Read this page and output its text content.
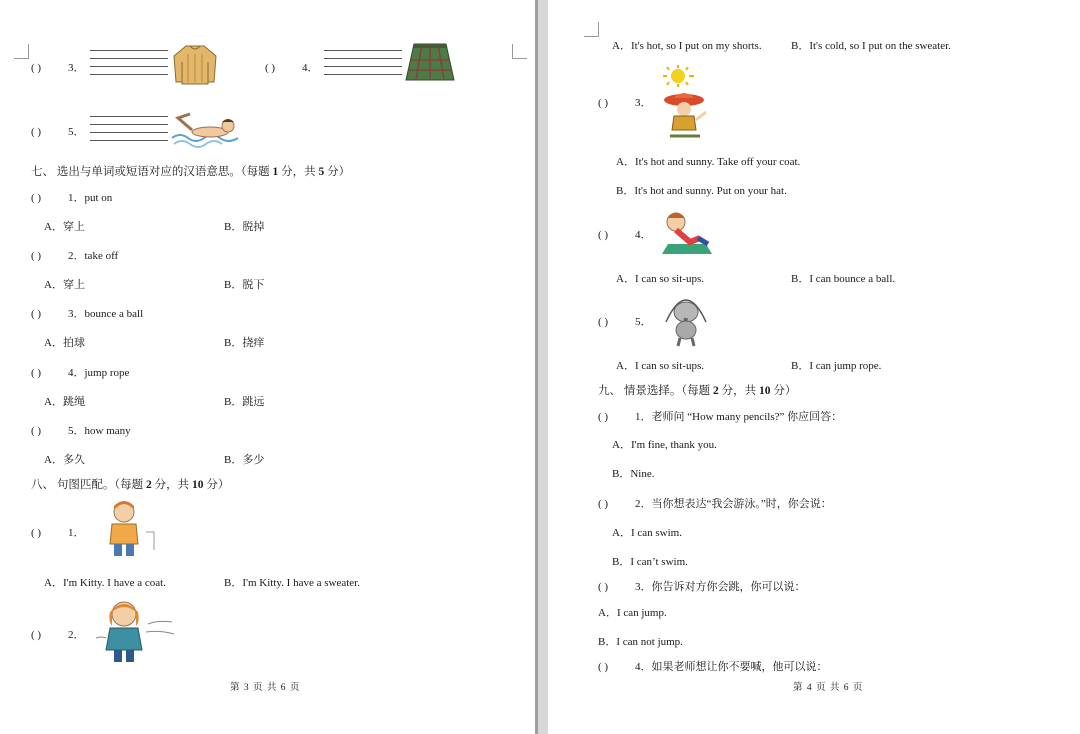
( ) 3．	( ) 4．
( ) 5．
七、 选出与单词或短语对应的汉语意思。（每题 1 分，共 5 分）
( ) 1．put on
A．穿上	B．脱掉
( ) 2．take off
A．穿上	B．脱下
( ) 3．bounce a ball
A．拍球	B．挠痒
( ) 4．jump rope
A．跳绳	B．跳远
( ) 5．how many
A．多久	B．多少
八、 句图匹配。（每题 2 分，共 10 分）
( ) 1．
A．I'm Kitty. I have a coat.	B．I'm Kitty. I have a sweater.
( ) 2．
第 3 页 共 6 页
A．It's hot, so I put on my shorts.	B．It's cold, so I put on the sweater.
( ) 3．
A．It's hot and sunny. Take off your coat.
B．It's hot and sunny. Put on your hat.
( ) 4．
A．I can so sit-ups.	B．I can bounce a ball.
( ) 5．
A．I can so sit-ups.	B．I can jump rope.
九、 情景选择。（每题 2 分，共 10 分）
( ) 1．老师问 “How many pencils?” 你应回答：
A．I'm fine, thank you.
B．Nine.
( ) 2．当你想表达“我会游泳。”时，你会说：
A．I can swim.
B．I can’t swim.
( ) 3．你告诉对方你会跳，你可以说：
A．I can jump.
B．I can not jump.
( ) 4．如果老师想让你不要喊，他可以说：
第 4 页 共 6 页
